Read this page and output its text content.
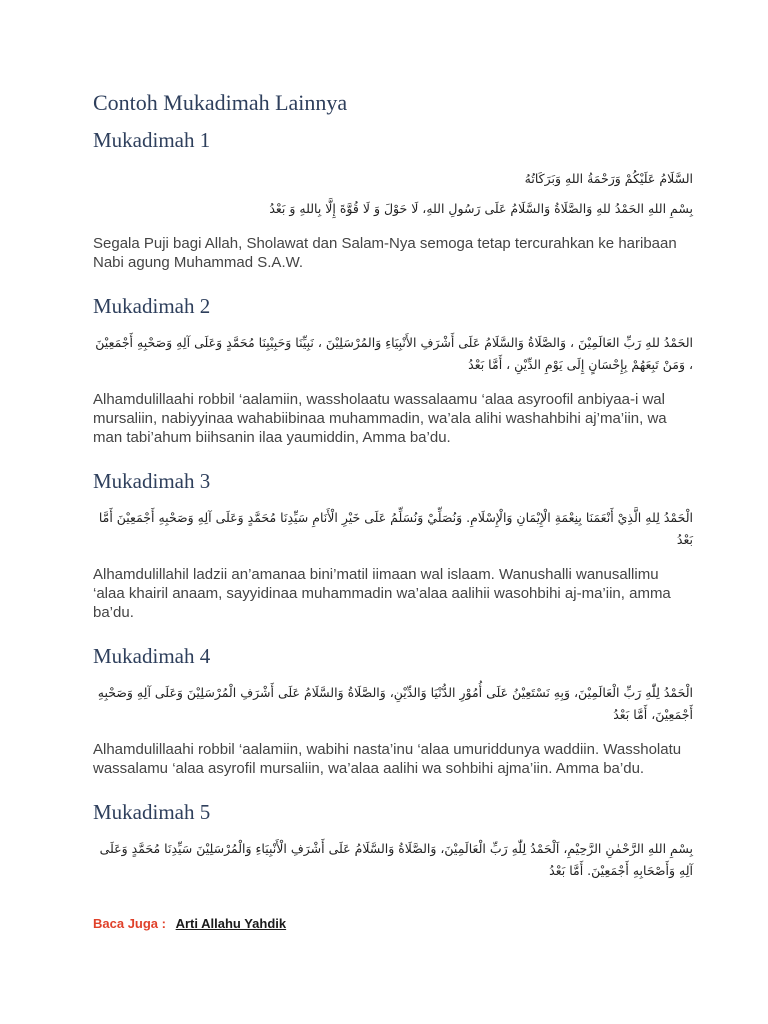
Contoh Mukadimah Lainnya
Mukadimah 1

السَّلَامُ عَلَيْكُمْ وَرَحْمَةُ اللهِ وَبَرَكَاتُهُ

بِسْمِ اللهِ الحَمْدُ للهِ وَالصَّلَاةُ وَالسَّلَامُ عَلَى رَسُولِ اللهِ، لَا حَوْلَ وَ لَا قُوَّةَ إِلَّا بِاللهِ وَ بَعْدُ

Segala Puji bagi Allah, Sholawat dan Salam-Nya semoga tetap tercurahkan ke haribaan Nabi agung Muhammad S.A.W.

Mukadimah 2

الحَمْدُ للهِ رَبِّ العَالَمِيْنَ ، وَالصَّلَاةُ وَالسَّلَامُ عَلَى أَشْرَفِ الأَنْبِيَاءِ وَالمُرْسَلِيْنَ ، نَبِيِّنَا وَحَبِيْبِنَا مُحَمَّدٍ وَعَلَى آلِهِ وَصَحْبِهِ أَجْمَعِيْنَ ، وَمَنْ تَبِعَهُمْ بِإِحْسَانٍ إِلَى يَوْمِ الدِّيْنِ ، أَمَّا بَعْدُ

Alhamdulillaahi robbil ‘aalamiin, wassholaatu wassalaamu ‘alaa asyroofil anbiyaa-i wal mursaliin, nabiyyinaa wahabiibinaa muhammadin, wa’ala alihi washahbihi aj’ma’iin, wa man tabi’ahum biihsanin ilaa yaumiddin, Amma ba’du.

Mukadimah 3

الْحَمْدُ لِلهِ الَّذِيْ أَنْعَمَنَا بِنِعْمَةِ الْإِيْمَانِ وَالْإِسْلَامِ. وَنُصَلِّيْ وَنُسَلِّمُ عَلَى خَيْرِ الْأَنَامِ سَيِّدِنَا مُحَمَّدٍ وَعَلَى آلِهِ وَصَحْبِهِ أَجْمَعِيْنَ أَمَّا بَعْدُ

Alhamdulillahil ladzii an’amanaa bini’matil iimaan wal islaam. Wanushalli wanusallimu ‘alaa khairil anaam, sayyidinaa muhammadin wa’alaa aalihii wasohbihi aj-ma’iin, amma ba’du.

Mukadimah 4

الْحَمْدُ لِلّٰهِ رَبِّ الْعَالَمِيْنَ، وَبِهِ نَسْتَعِيْنُ عَلَى أُمُوْرِ الدُّنْيَا وَالدِّيْنِ، وَالصَّلَاةُ وَالسَّلَامُ عَلَى أَشْرَفِ الْمُرْسَلِيْنَ وَعَلَى آلِهِ وَصَحْبِهِ أَجْمَعِيْنَ، أَمَّا بَعْدُ

Alhamdulillaahi robbil ‘aalamiin, wabihi nasta’inu ‘alaa umuriddunya waddiin. Wassholatu wassalamu ‘alaa asyrofil mursaliin, wa’alaa aalihi wa sohbihi ajma’iin. Amma ba’du.

Mukadimah 5

بِسْمِ اللهِ الرَّحْمٰنِ الرَّحِيْمِ، اَلْحَمْدُ لِلّٰهِ رَبِّ الْعَالَمِيْنَ، وَالصَّلَاةُ وَالسَّلَامُ عَلَى أَشْرَفِ الْأَنْبِيَاءِ وَالْمُرْسَلِيْنَ سَيِّدِنَا مُحَمَّدٍ وَعَلَى آلِهِ وَأَصْحَابِهِ أَجْمَعِيْنَ. أَمَّا بَعْدُ

Baca Juga : Arti Allahu Yahdik
